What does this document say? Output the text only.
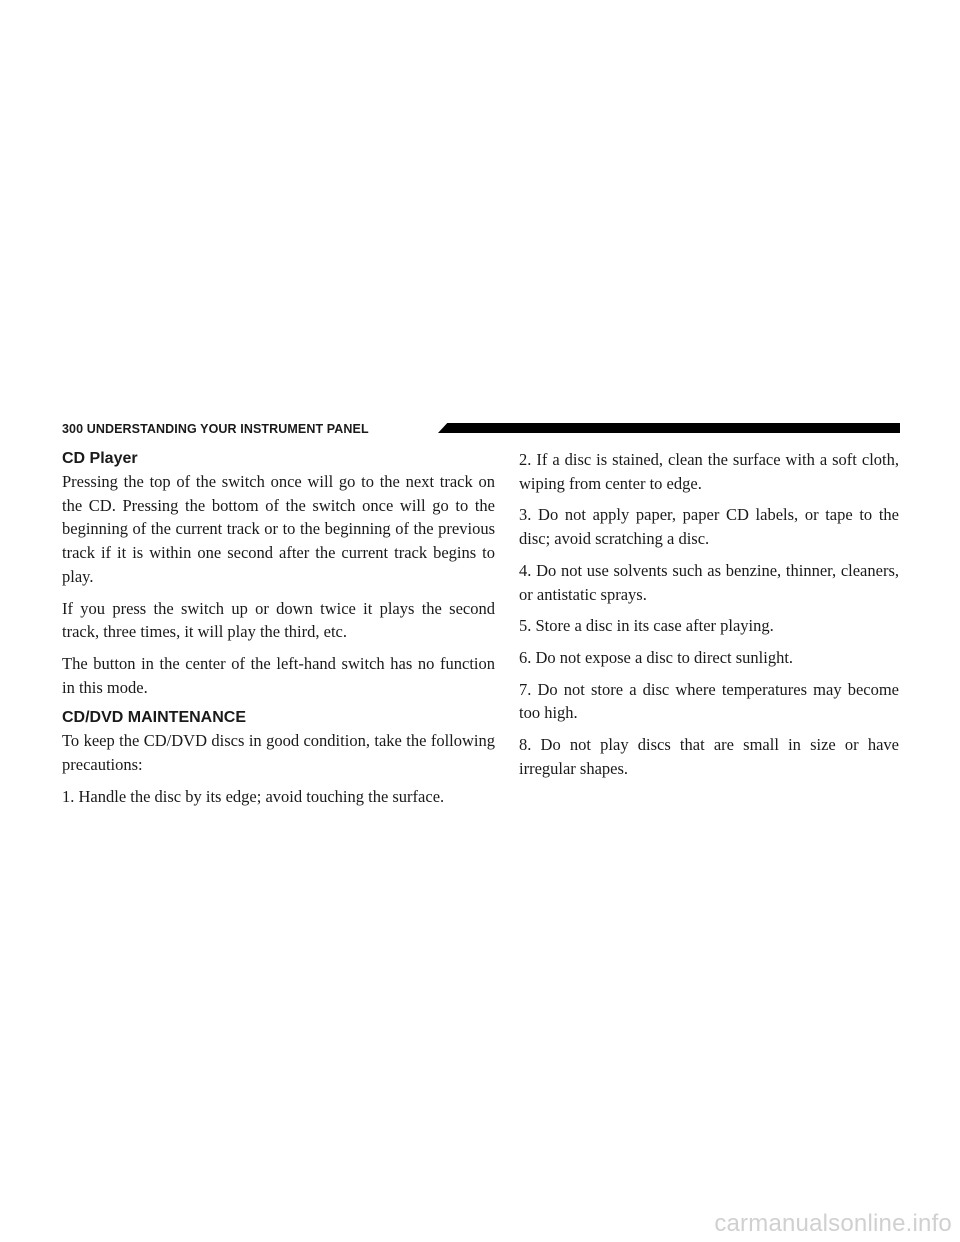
300 UNDERSTANDING YOUR INSTRUMENT PANEL
CD Player

Pressing the top of the switch once will go to the next track on the CD. Pressing the bottom of the switch once will go to the beginning of the current track or to the beginning of the previous track if it is within one second after the current track begins to play.

If you press the switch up or down twice it plays the second track, three times, it will play the third, etc.

The button in the center of the left-hand switch has no function in this mode.

CD/DVD MAINTENANCE

To keep the CD/DVD discs in good condition, take the following precautions:

1. Handle the disc by its edge; avoid touching the surface.

2. If a disc is stained, clean the surface with a soft cloth, wiping from center to edge.

3. Do not apply paper, paper CD labels, or tape to the disc; avoid scratching a disc.

4. Do not use solvents such as benzine, thinner, cleaners, or antistatic sprays.

5. Store a disc in its case after playing.

6. Do not expose a disc to direct sunlight.

7. Do not store a disc where temperatures may become too high.

8. Do not play discs that are small in size or have irregular shapes.

carmanualsonline.info
